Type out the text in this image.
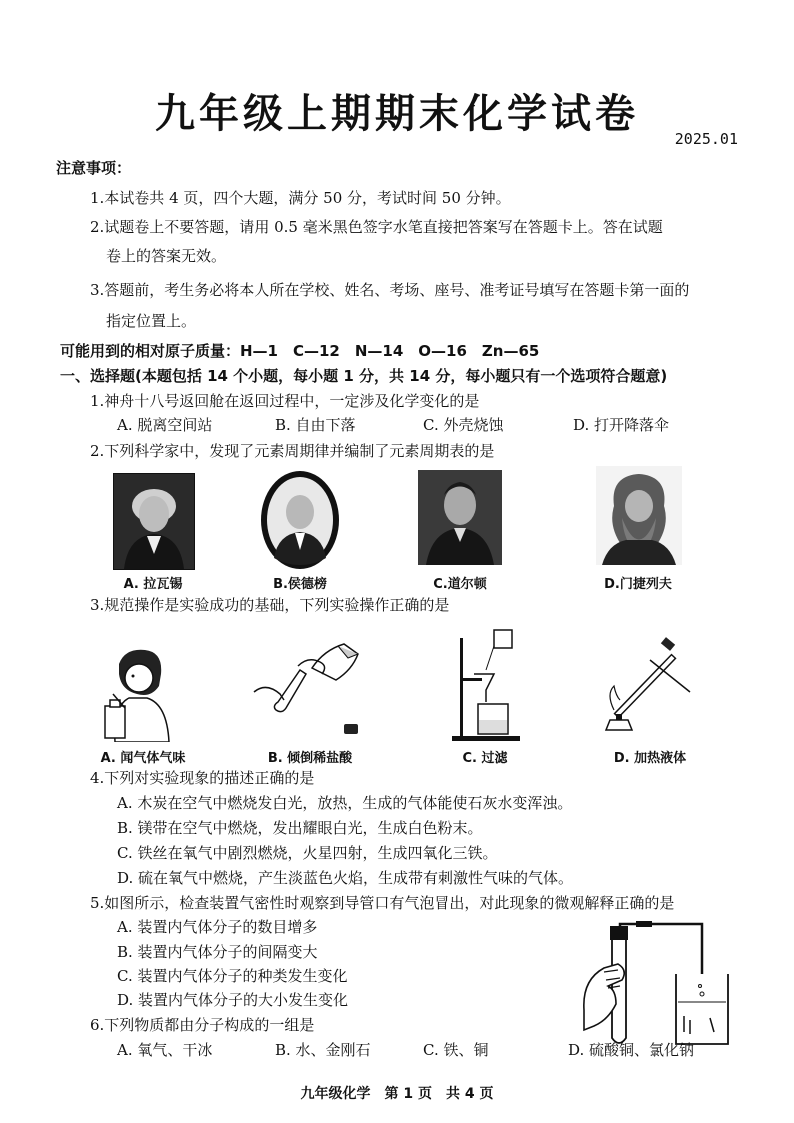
九年级上期期末化学试卷
2025.01
注意事项：
1.本试卷共 4 页，四个大题，满分 50 分，考试时间 50 分钟。
2.试题卷上不要答题，请用 0.5 毫米黑色签字水笔直接把答案写在答题卡上。答在试题
卷上的答案无效。
3.答题前，考生务必将本人所在学校、姓名、考场、座号、准考证号填写在答题卡第一面的
指定位置上。
可能用到的相对原子质量：H—1　C—12　N—14　O—16　Zn—65
一、选择题(本题包括 14 个小题，每小题 1 分，共 14 分，每小题只有一个选项符合题意)
1.神舟十八号返回舱在返回过程中，一定涉及化学变化的是
A. 脱离空间站	B. 自由下落	C. 外壳烧蚀	D. 打开降落伞
2.下列科学家中，发现了元素周期律并编制了元素周期表的是
A. 拉瓦锡	B.侯德榜	C.道尔顿	D.门捷列夫
3.规范操作是实验成功的基础，下列实验操作正确的是
A. 闻气体气味	B. 倾倒稀盐酸	C. 过滤	D. 加热液体
4.下列对实验现象的描述正确的是
A. 木炭在空气中燃烧发白光，放热，生成的气体能使石灰水变浑浊。
B. 镁带在空气中燃烧，发出耀眼白光，生成白色粉末。
C. 铁丝在氧气中剧烈燃烧，火星四射，生成四氧化三铁。
D. 硫在氧气中燃烧，产生淡蓝色火焰，生成带有刺激性气味的气体。
5.如图所示，检查装置气密性时观察到导管口有气泡冒出，对此现象的微观解释正确的是
A. 装置内气体分子的数目增多
B. 装置内气体分子的间隔变大
C. 装置内气体分子的种类发生变化
D. 装置内气体分子的大小发生变化
6.下列物质都由分子构成的一组是
A. 氧气、干冰	B. 水、金刚石	C. 铁、铜	D. 硫酸铜、氯化钠
九年级化学　第 1 页　共 4 页
